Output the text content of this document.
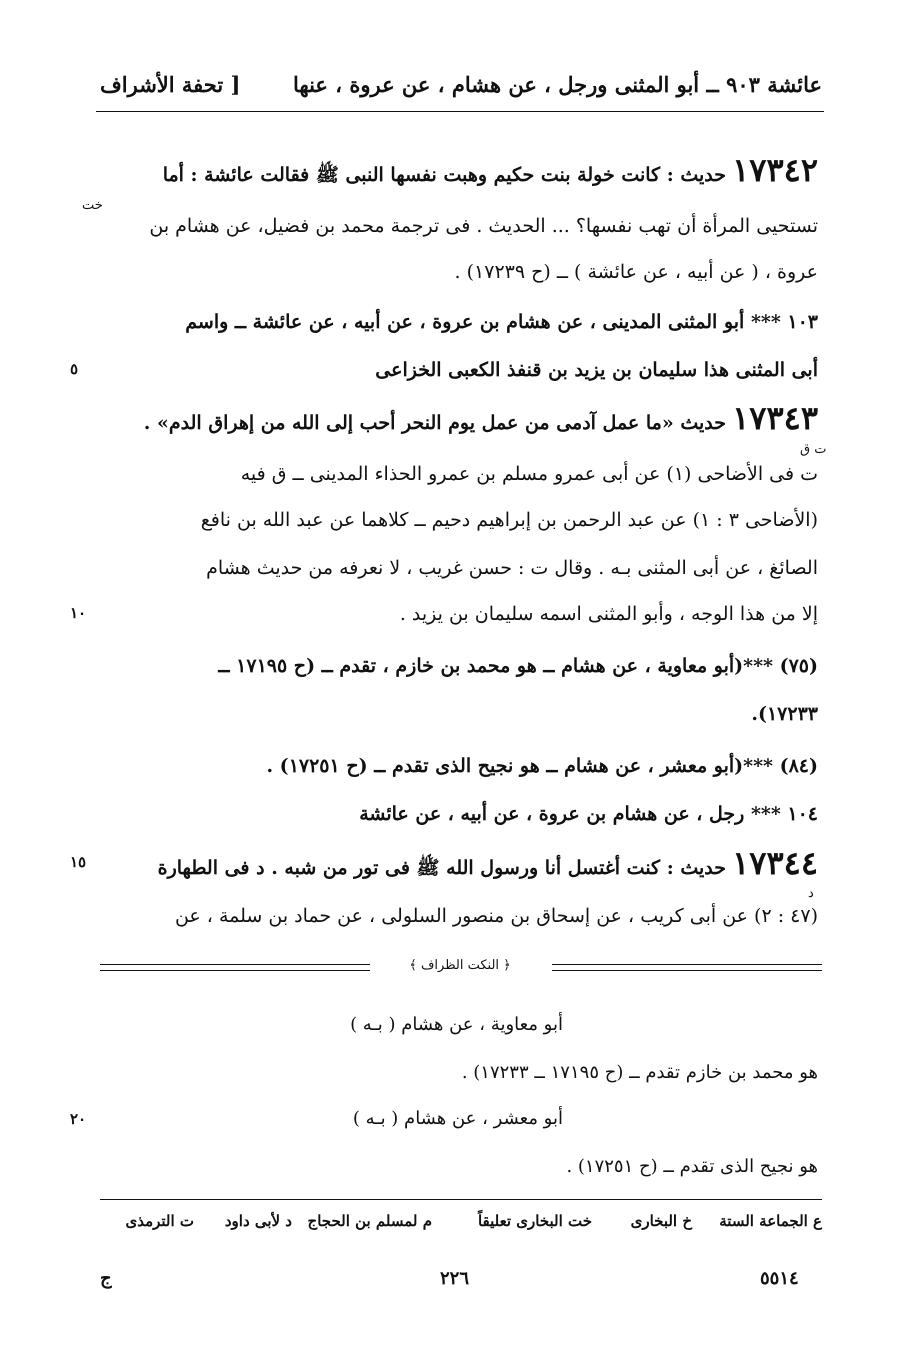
عائشة ٩٠٣ ــ أبو المثنى ورجل ، عن هشام ، عن عروة ، عنها
[ تحفة الأشراف
١٧٣٤٢ حديث : كانت خولة بنت حكيم وهبت نفسها النبى ﷺ فقالت عائشة : أما
تستحيى المرأة أن تهب نفسها؟ ... الحديث . فى ترجمة محمد بن فضيل، عن هشام بن
عروة ، ( عن أبيه ، عن عائشة ) ــ (ح ١٧٢٣٩) .
١٠٣ *** أبو المثنى المدينى ، عن هشام بن عروة ، عن أبيه ، عن عائشة ــ واسم
أبى المثنى هذا سليمان بن يزيد بن قنفذ الكعبى الخزاعى
١٧٣٤٣ حديث «ما عمل آدمى من عمل يوم النحر أحب إلى الله من إهراق الدم» .
ت فى الأضاحى (١) عن أبى عمرو مسلم بن عمرو الحذاء المدينى ــ ق فيه
(الأضاحى ٣ : ١) عن عبد الرحمن بن إبراهيم دحيم ــ كلاهما عن عبد الله بن نافع
الصائغ ، عن أبى المثنى بـه . وقال ت : حسن غريب ، لا نعرفه من حديث هشام
إلا من هذا الوجه ، وأبو المثنى اسمه سليمان بن يزيد .
(٧٥) ***(أبو معاوية ، عن هشام ــ هو محمد بن خازم ، تقدم ــ (ح ١٧١٩٥ ــ
١٧٢٣٣).
(٨٤) ***(أبو معشر ، عن هشام ــ هو نجيح الذى تقدم ــ (ح ١٧٢٥١) .
١٠٤ *** رجل ، عن هشام بن عروة ، عن أبيه ، عن عائشة
١٧٣٤٤ حديث : كنت أغتسل أنا ورسول الله ﷺ فى تور من شبه . د فى الطهارة
(٤٧ : ٢) عن أبى كريب ، عن إسحاق بن منصور السلولى ، عن حماد بن سلمة ، عن
خت
ت ق
د
٥
١٠
١٥
٢٠
﴿ النكت الظراف ﴾
أبو معاوية ، عن هشام ( بـه )
هو محمد بن خازم تقدم ــ (ح ١٧١٩٥ ــ ١٧٢٣٣) .
أبو معشر ، عن هشام ( بـه )
هو نجيح الذى تقدم ــ (ح ١٧٢٥١) .
ع الجماعة الستة
خ البخارى
خت البخارى تعليقاً
م لمسلم بن الحجاج
د لأبى داود
ت الترمذى
ج	٢٢٦	٥٥١٤
